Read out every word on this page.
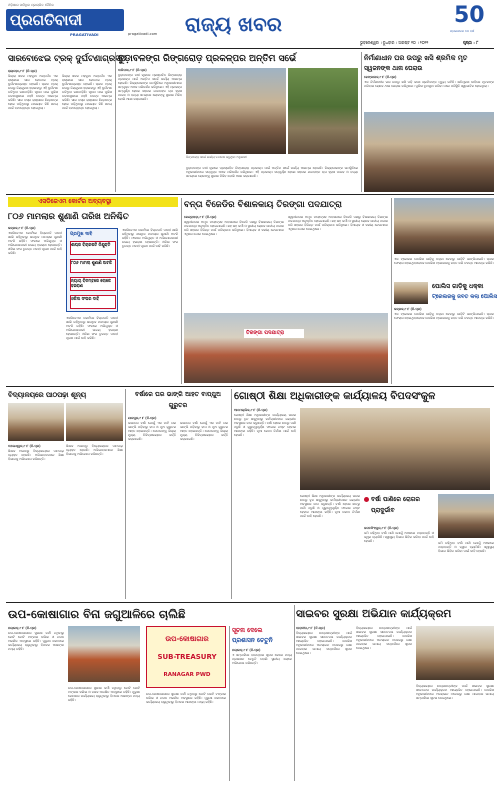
ଓଡ଼ିଶାର ସର୍ବାଧିକ ପ୍ରଚାରିତ ଦୈନିକ
ପ୍ରଗତିବାଦୀ
PRAGATIVADI	pragativadi.com	ରାଜ୍ୟ ଖବର	50
ପ୍ରକାଶନର ୫୦ ବର୍ଷ
ଭୁବନେଶ୍ୱର । ବୁଧବାର । ଅଗଷ୍ଟ ୧୦ । ୨୦୨୨	ପୃଷ୍ଠା : ୮
ସାରବୋଝେଇ ଟ୍ରକ୍ ଦୁର୍ଘଟଣାଗ୍ରସ୍ତ
ରାୟଗଡ଼ା,୯।୮ (ନି.ପ୍ର)
ଜିଲ୍ଲା ସଦର ମହକୁମା ଅନ୍ତର୍ଗତ ଏକ ରାସ୍ତାରେ ସାର ବୋଝେଇ ଟ୍ରକ୍ ଦୁର୍ଘଟଣାଗ୍ରସ୍ତ ହୋଇଛି। ଚାଳକ ଟ୍ରକ୍ ଉପରୁ ନିୟନ୍ତ୍ରଣ ହରାଇବାରୁ ଏହି ଦୁର୍ଘଟଣା ଘଟିଥିବା ଜଣାପଡ଼ିଛି। ସୂଚନା ପାଇ ପୁଲିସ ଘଟଣାସ୍ଥଳରେ ପହଞ୍ଚି ତଦନ୍ତ ଆରମ୍ଭ କରିଛି। ସାର ବସ୍ତା ରାସ୍ତାରେ ଛିନ୍ନଛତ୍ର ହୋଇ ପଡ଼ିଥିବାରୁ ଯାତାୟାତ କିଛି ସମୟ ପାଇଁ ବାଧାପ୍ରାପ୍ତ ହୋଇଥିଲା।
ଜିଲ୍ଲା ସଦର ମହକୁମା ଅନ୍ତର୍ଗତ ଏକ ରାସ୍ତାରେ ସାର ବୋଝେଇ ଟ୍ରକ୍ ଦୁର୍ଘଟଣାଗ୍ରସ୍ତ ହୋଇଛି। ଚାଳକ ଟ୍ରକ୍ ଉପରୁ ନିୟନ୍ତ୍ରଣ ହରାଇବାରୁ ଏହି ଦୁର୍ଘଟଣା ଘଟିଥିବା ଜଣାପଡ଼ିଛି। ସୂଚନା ପାଇ ପୁଲିସ ଘଟଣାସ୍ଥଳରେ ପହଞ୍ଚି ତଦନ୍ତ ଆରମ୍ଭ କରିଛି। ସାର ବସ୍ତା ରାସ୍ତାରେ ଛିନ୍ନଛତ୍ର ହୋଇ ପଡ଼ିଥିବାରୁ ଯାତାୟାତ କିଛି ସମୟ ପାଇଁ ବାଧାପ୍ରାପ୍ତ ହୋଇଥିଲା।
ବୁଡ଼ାବଳଙ୍ଗ ରିଙ୍ଗରୋଡ଼ ପ୍ରକଳ୍ପର ଅନ୍ତିମ ସର୍ଭେ
ରିଙ୍ଗରୋଡ଼ ସର୍ଭେ କାର୍ଯ୍ୟ ତଦାରଖ କରୁଥିବା ଅଧିକାରୀ
ବାରିପଦା,୯।୮ (ନି.ପ୍ର)
ବୁଡ଼ାବଳଙ୍ଗ ନଦୀ କୂଳରେ ପ୍ରସ୍ତାବିତ ରିଙ୍ଗରୋଡ଼ ପ୍ରକଳ୍ପ ପାଇଁ ଅନ୍ତିମ ସର୍ଭେ କାର୍ଯ୍ୟ ଆରମ୍ଭ ହୋଇଛି। ଜିଲ୍ଲାପାଳଙ୍କ ଉପସ୍ଥିତିରେ ଅଧିକାରୀମାନେ ସମ୍ପୃକ୍ତ ଅଞ୍ଚଳ ପରିଦର୍ଶନ କରିଥିଲେ। ଏହି ପ୍ରକଳ୍ପ ସମ୍ପୂର୍ଣ୍ଣ ହେଲେ ସହରର ଯାନବାହନ ଚାପ ହ୍ରାସ ପାଇବ ଓ ବନ୍ୟା ସମୟରେ ଲୋକଙ୍କୁ ସୁରକ୍ଷା ମିଳିବ ବୋଲି ଆଶା କରାଯାଉଛି।
ବୁଡ଼ାବଳଙ୍ଗ ନଦୀ କୂଳରେ ପ୍ରସ୍ତାବିତ ରିଙ୍ଗରୋଡ଼ ପ୍ରକଳ୍ପ ପାଇଁ ଅନ୍ତିମ ସର୍ଭେ କାର୍ଯ୍ୟ ଆରମ୍ଭ ହୋଇଛି। ଜିଲ୍ଲାପାଳଙ୍କ ଉପସ୍ଥିତିରେ ଅଧିକାରୀମାନେ ସମ୍ପୃକ୍ତ ଅଞ୍ଚଳ ପରିଦର୍ଶନ କରିଥିଲେ। ଏହି ପ୍ରକଳ୍ପ ସମ୍ପୂର୍ଣ୍ଣ ହେଲେ ସହରର ଯାନବାହନ ଚାପ ହ୍ରାସ ପାଇବ ଓ ବନ୍ୟା ସମୟରେ ଲୋକଙ୍କୁ ସୁରକ୍ଷା ମିଳିବ ବୋଲି ଆଶା କରାଯାଉଛି।
ନିର୍ମାଣାଧୀନ ଘର ଉପରୁ ଖସି ଶ୍ରମିକ ମୃତ
ସ୍ୱଜନଙ୍କ ଥାନା ଘେରାଉ
ଢେଙ୍କାନାଳ,୯।୮ (ନି.ପ୍ର)
ଏକ ନିର୍ମାଣାଧୀନ ଘର ଉପରୁ ଖସି ପଡ଼ି ଜଣେ ଶ୍ରମିକଙ୍କ ମୃତ୍ୟୁ ଘଟିଛି। କ୍ଷତିପୂରଣ ଦାବିରେ ମୃତକଙ୍କ ପରିବାର ଲୋକେ ଥାନା ଘେରାଉ କରିଥିଲେ। ପୁଲିସ ବୁଝାସୁଝା କରିବା ପରେ ପରିସ୍ଥିତି ସ୍ୱାଭାବିକ ହୋଇଥିଲା।
ଏସଡିଜେଏମ କୋର୍ଟର ଅବ୍ୟବସ୍ଥା
୮୦୬ ମାମଲାର ଶୁଣାଣି ତାରିଖ ଅନିଶ୍ଚିତ
ଭଦ୍ରକ,୯।୮ (ନି.ପ୍ର)
ଏସଡିଜେଏମ କୋର୍ଟରେ ବିଚାରପତି ପଦବୀ ଖାଲି ରହିଥିବାରୁ ଶତାଧିକ ମାମଲାର ଶୁଣାଣି ଅଟକି ରହିଛି। ଫଳରେ ଅଭିଯୁକ୍ତ ଓ ଅଭିଯୋଗକାରୀ ଉଭୟ ହଇରାଣ ହେଉଛନ୍ତି। ଓକିଲ ସଂଘ ତୁରନ୍ତ ପଦବୀ ପୂରଣ ପାଇଁ ଦାବି କରିଛି।
ପ୍ରମୁଖ ଦାବି
ଶୀଘ୍ର ବିଚାରପତି ନିଯୁକ୍ତି
୮୦୬ ମାମଲା ଶୁଣାଣି ଅଟକି
ନ୍ୟାୟ ବିଳମ୍ବରେ ଲୋକେ ହଇରାଣ
ଓକିଲ ସଂଘର ଦାବି
ଏସଡିଜେଏମ କୋର୍ଟରେ ବିଚାରପତି ପଦବୀ ଖାଲି ରହିଥିବାରୁ ଶତାଧିକ ମାମଲାର ଶୁଣାଣି ଅଟକି ରହିଛି। ଫଳରେ ଅଭିଯୁକ୍ତ ଓ ଅଭିଯୋଗକାରୀ ଉଭୟ ହଇରାଣ ହେଉଛନ୍ତି। ଓକିଲ ସଂଘ ତୁରନ୍ତ ପଦବୀ ପୂରଣ ପାଇଁ ଦାବି କରିଛି।
ଏସଡିଜେଏମ କୋର୍ଟରେ ବିଚାରପତି ପଦବୀ ଖାଲି ରହିଥିବାରୁ ଶତାଧିକ ମାମଲାର ଶୁଣାଣି ଅଟକି ରହିଛି। ଫଳରେ ଅଭିଯୁକ୍ତ ଓ ଅଭିଯୋଗକାରୀ ଉଭୟ ହଇରାଣ ହେଉଛନ୍ତି। ଓକିଲ ସଂଘ ତୁରନ୍ତ ପଦବୀ ପୂରଣ ପାଇଁ ଦାବି କରିଛି।
ବନ୍ତା ବିଜେଡିର ବିଶାଳକାୟ ତିରଙ୍ଗା ପଦଯାତ୍ରା
କେନ୍ଦ୍ରାପଡ଼ା,୯।୮ (ନି.ପ୍ର)
ସ୍ୱାଧୀନତାର ଅମୃତ ମହୋତ୍ସବ ଅବସରରେ ବିଜେଡି ପକ୍ଷରୁ ବିଶାଳକାୟ ତିରଙ୍ଗା ପଦଯାତ୍ରା ଅନୁଷ୍ଠିତ ହୋଇଯାଇଛି। ଶହ ଶହ କର୍ମୀ ଓ ସ୍ଥାନୀୟ ଲୋକେ ଜାତୀୟ ପତାକା ଧରି ସହରର ବିଭିନ୍ନ ମାର୍ଗ ପରିକ୍ରମା କରିଥିଲେ। ବିଧାୟକ ଓ ଦଳୀୟ ନେତାମାନେ ଏଥିରେ ଯୋଗ ଦେଇଥିଲେ।
ସ୍ୱାଧୀନତାର ଅମୃତ ମହୋତ୍ସବ ଅବସରରେ ବିଜେଡି ପକ୍ଷରୁ ବିଶାଳକାୟ ତିରଙ୍ଗା ପଦଯାତ୍ରା ଅନୁଷ୍ଠିତ ହୋଇଯାଇଛି। ଶହ ଶହ କର୍ମୀ ଓ ସ୍ଥାନୀୟ ଲୋକେ ଜାତୀୟ ପତାକା ଧରି ସହରର ବିଭିନ୍ନ ମାର୍ଗ ପରିକ୍ରମା କରିଥିଲେ। ବିଧାୟକ ଓ ଦଳୀୟ ନେତାମାନେ ଏଥିରେ ଯୋଗ ଦେଇଥିଲେ।
ତିରଙ୍ଗା ପଦଯାତ୍ରା
ଏକ ଟ୍ରେଲର ପୋଲିସ ଗାଡ଼ିକୁ ଧକ୍କା ଦେବାରୁ ଗାଡ଼ିଟି ଭାଙ୍ଗିଯାଇଛି। ଚାଳକ ଫେରାର ହୋଇଥିବାବେଳେ ପୋଲିସ ଟ୍ରେଲରକୁ ଜବତ କରି ତଦନ୍ତ ଆରମ୍ଭ କରିଛି।
ପୋଲିସ ଗାଡ଼ିକୁ ଧକ୍କା
ଟ୍ରେଲରକୁ ଜବତ କଲା ପୋଲିସ
ଭଦ୍ରକ,୯।୮ (ନି.ପ୍ର)
ଏକ ଟ୍ରେଲର ପୋଲିସ ଗାଡ଼ିକୁ ଧକ୍କା ଦେବାରୁ ଗାଡ଼ିଟି ଭାଙ୍ଗିଯାଇଛି। ଚାଳକ ଫେରାର ହୋଇଥିବାବେଳେ ପୋଲିସ ଟ୍ରେଲରକୁ ଜବତ କରି ତଦନ୍ତ ଆରମ୍ଭ କରିଛି।
ବିଦ୍ୟାଳୟରେ ପାଠପଢ଼ା ଶୂନ୍ୟ
ବାଲେଶ୍ୱର,୯।୮ (ନି.ପ୍ର)
ଶିକ୍ଷକ ଅଭାବରୁ ବିଦ୍ୟାଳୟରେ ପାଠପଢ଼ା ବ୍ୟାହତ ହେଉଛି। ଅଭିଭାବକମାନେ ଶିକ୍ଷା ବିଭାଗକୁ ଅଭିଯୋଗ କରିଛନ୍ତି।
ଶିକ୍ଷକ ଅଭାବରୁ ବିଦ୍ୟାଳୟରେ ପାଠପଢ଼ା ବ୍ୟାହତ ହେଉଛି। ଅଭିଭାବକମାନେ ଶିକ୍ଷା ବିଭାଗକୁ ଅଭିଯୋଗ କରିଛନ୍ତି।
ବର୍ଷାରେ ଘର ଭାଙ୍ଗି ଆହତ ବାପ୍ପୁଅ ଗୁରୁତର
ଯାଜପୁର,୯।୮ (ନି.ପ୍ର)
ଲଗାତର ବର୍ଷା ଯୋଗୁଁ ଏକ ମାଟି ଘର ଭାଙ୍ଗି ପଡ଼ିବାରୁ ବାପ ଓ ପୁଅ ଗୁରୁତର ଆହତ ହୋଇଛନ୍ତି। ସେମାନଙ୍କୁ ଜିଲ୍ଲା ମୁଖ୍ୟ ଚିକିତ୍ସାଳୟରେ ଭର୍ତ୍ତି କରାଯାଇଛି।
ଲଗାତର ବର୍ଷା ଯୋଗୁଁ ଏକ ମାଟି ଘର ଭାଙ୍ଗି ପଡ଼ିବାରୁ ବାପ ଓ ପୁଅ ଗୁରୁତର ଆହତ ହୋଇଛନ୍ତି। ସେମାନଙ୍କୁ ଜିଲ୍ଲା ମୁଖ୍ୟ ଚିକିତ୍ସାଳୟରେ ଭର୍ତ୍ତି କରାଯାଇଛି।
ଗୋଷ୍ଠୀ ଶିକ୍ଷା ଅଧିକାରୀଙ୍କ କାର୍ଯ୍ୟାଳୟ ବିପଦସଂକୁଳ
ଆଠମଲ୍ଲିକ,୯।୮ (ନି.ପ୍ର)
ଗୋଷ୍ଠୀ ଶିକ୍ଷା ଅଧିକାରୀଙ୍କ କାର୍ଯ୍ୟାଳୟ ଘରର ଛାତରୁ ଚୂନ ଖସୁଥିବାରୁ କର୍ମଚାରୀମାନେ ଭୟଭୀତ ଅବସ୍ଥାରେ କାମ କରୁଛନ୍ତି। ବର୍ଷା ହେଲେ ଛାତରୁ ପାଣି ଝରୁଛି ଓ ଗୁରୁତ୍ୱପୂର୍ଣ୍ଣ ଫାଇଲ ନଷ୍ଟ ହେବାର ଆଶଙ୍କା ରହିଛି। ନୂଆ କୋଠା ନିର୍ମାଣ ପାଇଁ ଦାବି ହେଉଛି।
ଗୋଷ୍ଠୀ ଶିକ୍ଷା ଅଧିକାରୀଙ୍କ କାର୍ଯ୍ୟାଳୟ ଘରର ଛାତରୁ ଚୂନ ଖସୁଥିବାରୁ କର୍ମଚାରୀମାନେ ଭୟଭୀତ ଅବସ୍ଥାରେ କାମ କରୁଛନ୍ତି। ବର୍ଷା ହେଲେ ଛାତରୁ ପାଣି ଝରୁଛି ଓ ଗୁରୁତ୍ୱପୂର୍ଣ୍ଣ ଫାଇଲ ନଷ୍ଟ ହେବାର ଆଶଙ୍କା ରହିଛି। ନୂଆ କୋଠା ନିର୍ମାଣ ପାଇଁ ଦାବି ହେଉଛି।
ବର୍ଷା ପାଣିରେ ରୋଗର ପ୍ରାଦୁର୍ଭାବ
ଜଗତସିଂହପୁର,୯।୮ (ନି.ପ୍ର)
ଜମି ରହିଥିବା ବର୍ଷା ପାଣି ଯୋଗୁଁ ଅଞ୍ଚଳରେ ଝାଡ଼ାବାନ୍ତି ଓ ଜ୍ୱର ବ୍ୟାପିଛି। ସ୍ୱାସ୍ଥ୍ୟ ବିଭାଗ ଶିବିର କରିବା ପାଇଁ ଦାବି ହେଉଛି।	ଜମି ରହିଥିବା ବର୍ଷା ପାଣି ଯୋଗୁଁ ଅଞ୍ଚଳରେ ଝାଡ଼ାବାନ୍ତି ଓ ଜ୍ୱର ବ୍ୟାପିଛି। ସ୍ୱାସ୍ଥ୍ୟ ବିଭାଗ ଶିବିର କରିବା ପାଇଁ ଦାବି ହେଉଛି।
ଉପ-କୋଷାଗାର ବିନା ଜଗୁଆଳିରେ ଚାଲିଛି
ନୟାଗଡ଼,୯।୮ (ନି.ପ୍ର)
ଉପ-କୋଷାଗାରରେ ସୁରକ୍ଷା କର୍ମୀ ନଥିବାରୁ କୋଟି କୋଟି ଟଙ୍କାର ଦଲିଲ ଓ ନଗଦ ଅରକ୍ଷିତ ଅବସ୍ଥାରେ ରହିଛି। ପୁରୁଣା କୋଠାରେ କାର୍ଯ୍ୟାଳୟ ଚାଲୁଥିବାରୁ ବିପଦର ଆଶଙ୍କା ମଧ୍ୟ ରହିଛି।
ଉପ-କୋଷାଗାରରେ ସୁରକ୍ଷା କର୍ମୀ ନଥିବାରୁ କୋଟି କୋଟି ଟଙ୍କାର ଦଲିଲ ଓ ନଗଦ ଅରକ୍ଷିତ ଅବସ୍ଥାରେ ରହିଛି। ପୁରୁଣା କୋଠାରେ କାର୍ଯ୍ୟାଳୟ ଚାଲୁଥିବାରୁ ବିପଦର ଆଶଙ୍କା ମଧ୍ୟ ରହିଛି।
ଉପ-କୋଷାଗାର
SUB-TREASURY
RANAGAR PWD
ଉପ-କୋଷାଗାରରେ ସୁରକ୍ଷା କର୍ମୀ ନଥିବାରୁ କୋଟି କୋଟି ଟଙ୍କାର ଦଲିଲ ଓ ନଗଦ ଅରକ୍ଷିତ ଅବସ୍ଥାରେ ରହିଛି। ପୁରୁଣା କୋଠାରେ କାର୍ଯ୍ୟାଳୟ ଚାଲୁଥିବାରୁ ବିପଦର ଆଶଙ୍କା ମଧ୍ୟ ରହିଛି।
ସୂଚନା ଦେଲେ
ପ୍ରଶାସନ ଚେତୁନି
ନୟାଗଡ଼,୯।୮ (ନି.ପ୍ର)
ଏ ସମ୍ପର୍କରେ ବାରମ୍ବାର ସୂଚନା ଦେଲେ ମଧ୍ୟ ପ୍ରଶାସନ ଚେତୁନି ବୋଲି ସ୍ଥାନୀୟ ଲୋକେ ଅଭିଯୋଗ କରିଛନ୍ତି।
ସାଇବର ସୁରକ୍ଷା ଅଭିଯାନ କାର୍ଯ୍ୟକ୍ରମ
ପାରାଦୀପ,୯।୮ (ନି.ପ୍ର)
ବିଦ୍ୟାଳୟରେ ଛାତ୍ରଛାତ୍ରୀଙ୍କ ପାଇଁ ସାଇବର ସୁରକ୍ଷା ସଚେତନତା କାର୍ଯ୍ୟକ୍ରମ ଆୟୋଜିତ ହୋଇଯାଇଛି। ପୋଲିସ ଅଧିକାରୀମାନେ ଅନଲାଇନ ଠକେଇରୁ ରକ୍ଷା ପାଇବାର ଉପାୟ ସମ୍ପର୍କରେ ସୂଚନା ଦେଇଥିଲେ।
ବିଦ୍ୟାଳୟରେ ଛାତ୍ରଛାତ୍ରୀଙ୍କ ପାଇଁ ସାଇବର ସୁରକ୍ଷା ସଚେତନତା କାର୍ଯ୍ୟକ୍ରମ ଆୟୋଜିତ ହୋଇଯାଇଛି। ପୋଲିସ ଅଧିକାରୀମାନେ ଅନଲାଇନ ଠକେଇରୁ ରକ୍ଷା ପାଇବାର ଉପାୟ ସମ୍ପର୍କରେ ସୂଚନା ଦେଇଥିଲେ।
ବିଦ୍ୟାଳୟରେ ଛାତ୍ରଛାତ୍ରୀଙ୍କ ପାଇଁ ସାଇବର ସୁରକ୍ଷା ସଚେତନତା କାର୍ଯ୍ୟକ୍ରମ ଆୟୋଜିତ ହୋଇଯାଇଛି। ପୋଲିସ ଅଧିକାରୀମାନେ ଅନଲାଇନ ଠକେଇରୁ ରକ୍ଷା ପାଇବାର ଉପାୟ ସମ୍ପର୍କରେ ସୂଚନା ଦେଇଥିଲେ।
